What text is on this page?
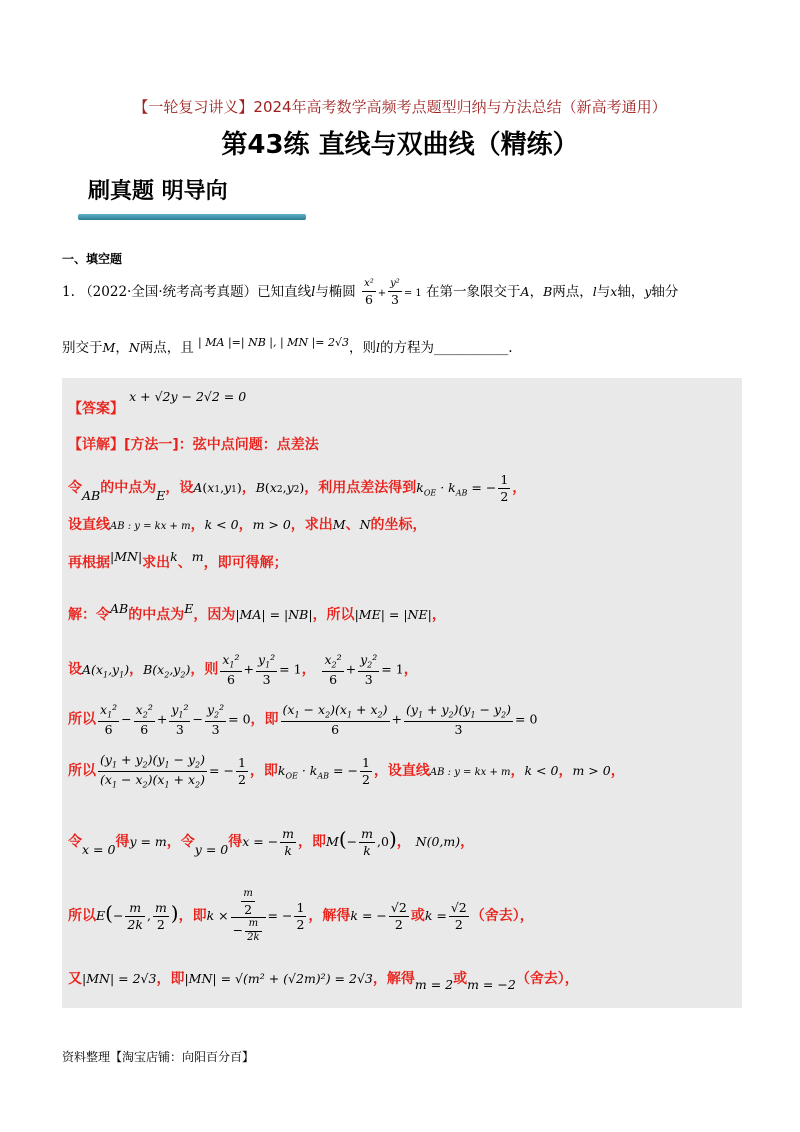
【一轮复习讲义】2024年高考数学高频考点题型归纳与方法总结（新高考通用）
第43练 直线与双曲线（精练）
刷真题 明导向
一、填空题
1. （2022·全国·统考高考真题）已知直线l与椭圆 $\frac{\text{x²}}{6} + \frac{\text{y²}}{3} = 1$ 在第一象限交于A，B两点，l与x轴，y轴分
别交于M，N两点，且 $^{| MA |=| NB |, | MN |= 2√3}$，则l的方程为___________.
【答案】 x + √2y − 2√2 = 0
【详解】[方法一]：弦中点问题：点差法
令AB的中点为E，设A(x1,y1)，B(x2,y2)，利用点差法得到$k_{OE} \cdot k_{AB}$ = − $\frac{1}{2}$ ，
设直线AB : y = kx + m，k < 0，m > 0，求出M、N的坐标，
再根据|MN|求出k、m，即可得解；
解：令AB的中点为E，因为|MA| = |NB|，所以|ME| = |NE|，
设$A(x_1,y_1)$，$B(x_2,y_2)$，则 $\frac{x_1^2}{6} + \frac{y_1^2}{3} = 1$， $\frac{x_2^2}{6} + \frac{y_2^2}{3} = 1$，
所以 $\frac{x_1^2}{6} - \frac{x_2^2}{6} + \frac{y_1^2}{3} - \frac{y_2^2}{3} = 0$，即 $\frac{(x_1 - x_2)(x_1 + x_2)}{6} + \frac{(y_1 + y_2)(y_1 - y_2)}{3} = 0$
所以 $\frac{(y_1 + y_2)(y_1 - y_2)}{(x_1 - x_2)(x_1 + x_2)}$ = − $\frac{1}{2}$ ，即$k_{OE} \cdot k_{AB}$ = − $\frac{1}{2}$ ，设直线AB : y = kx + m，k < 0，m > 0，
令x = 0得y = m，令y = 0得x = − $\frac{m}{k}$ ，即$M(- \frac{m}{k} ,0)$， N(0,m)，
所以$E(- \frac{m}{2k}$ , $\frac{m}{2}$ )，即$k \times \frac{\frac{m}{2}}{- \frac{m}{2k}}$ = − $\frac{1}{2}$ ，解得k = − $\frac{√2}{2}$ 或$k = \frac{√2}{2}$ （舍去），
又|MN| = 2√3，即|MN| = √(m² + (√2m)²) = 2√3，解得m = 2或m = −2（舍去），
资料整理【淘宝店铺：向阳百分百】
